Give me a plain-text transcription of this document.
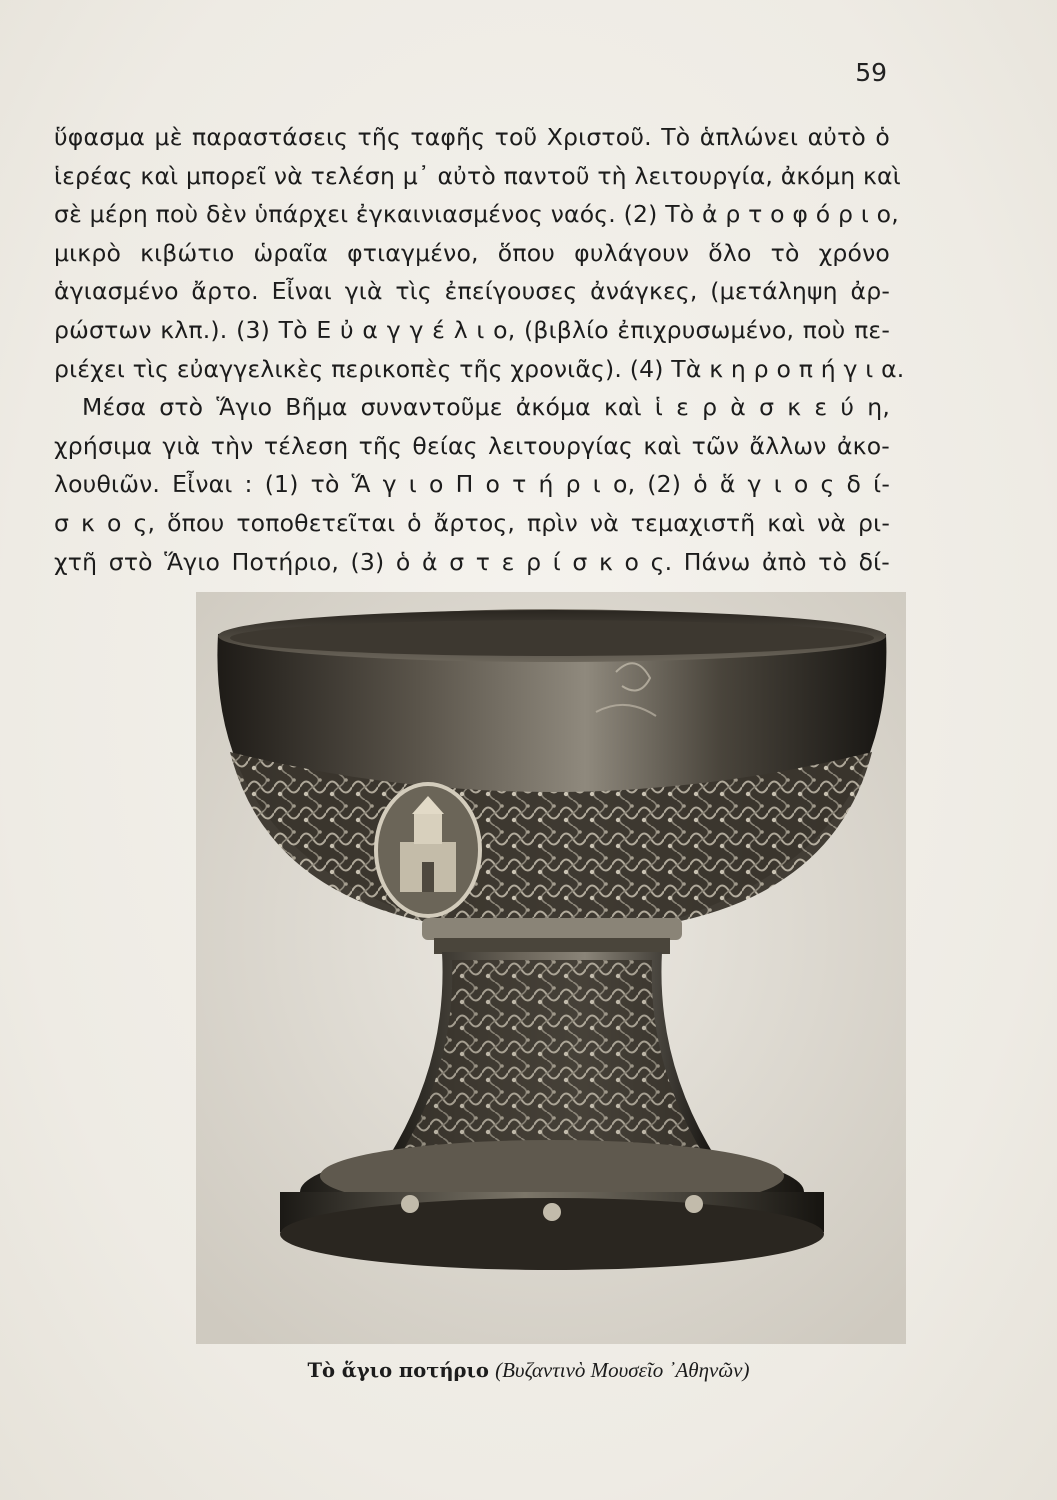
59
ὕφασμα μὲ παραστάσεις τῆς ταφῆς τοῦ Χριστοῦ. Τὸ ἁπλώνει αὐτὸ ὁ
ἱερέας καὶ μπορεῖ νὰ τελέση μ᾿ αὐτὸ παντοῦ τὴ λειτουργία, ἀκόμη καὶ
σὲ μέρη ποὺ δὲν ὑπάρχει ἐγκαινιασμένος ναός. (2) Τὸ ἀ ρ τ ο φ ό ρ ι ο,
μικρὸ κιβώτιο ὡραῖα φτιαγμένο, ὅπου φυλάγουν ὅλο τὸ χρόνο
ἁγιασμένο ἄρτο. Εἶναι γιὰ τὶς ἐπείγουσες ἀνάγκες, (μετάληψη ἀρ-
ρώστων κλπ.). (3) Τὸ Ε ὐ α γ γ έ λ ι ο, (βιβλίο ἐπιχρυσωμένο, ποὺ πε-
ριέχει τὶς εὐαγγελικὲς περικοπὲς τῆς χρονιᾶς). (4) Τὰ κ η ρ ο π ή γ ι α.
Μέσα στὸ Ἅγιο Βῆμα συναντοῦμε ἀκόμα καὶ ἱ ε ρ ὰ σ κ ε ύ η,
χρήσιμα γιὰ τὴν τέλεση τῆς θείας λειτουργίας καὶ τῶν ἄλλων ἀκο-
λουθιῶν. Εἶναι : (1) τὸ Ἅ γ ι ο Π ο τ ή ρ ι ο, (2) ὁ ἅ γ ι ο ς δ ί-
σ κ ο ς, ὅπου τοποθετεῖται ὁ ἄρτος, πρὶν νὰ τεμαχιστῆ καὶ νὰ ρι-
χτῆ στὸ Ἅγιο Ποτήριο, (3) ὁ ἀ σ τ ε ρ ί σ κ ο ς. Πάνω ἀπὸ τὸ δί-
Τὸ ἅγιο ποτήριο (Βυζαντινὸ Μουσεῖο ᾿Αθηνῶν)
